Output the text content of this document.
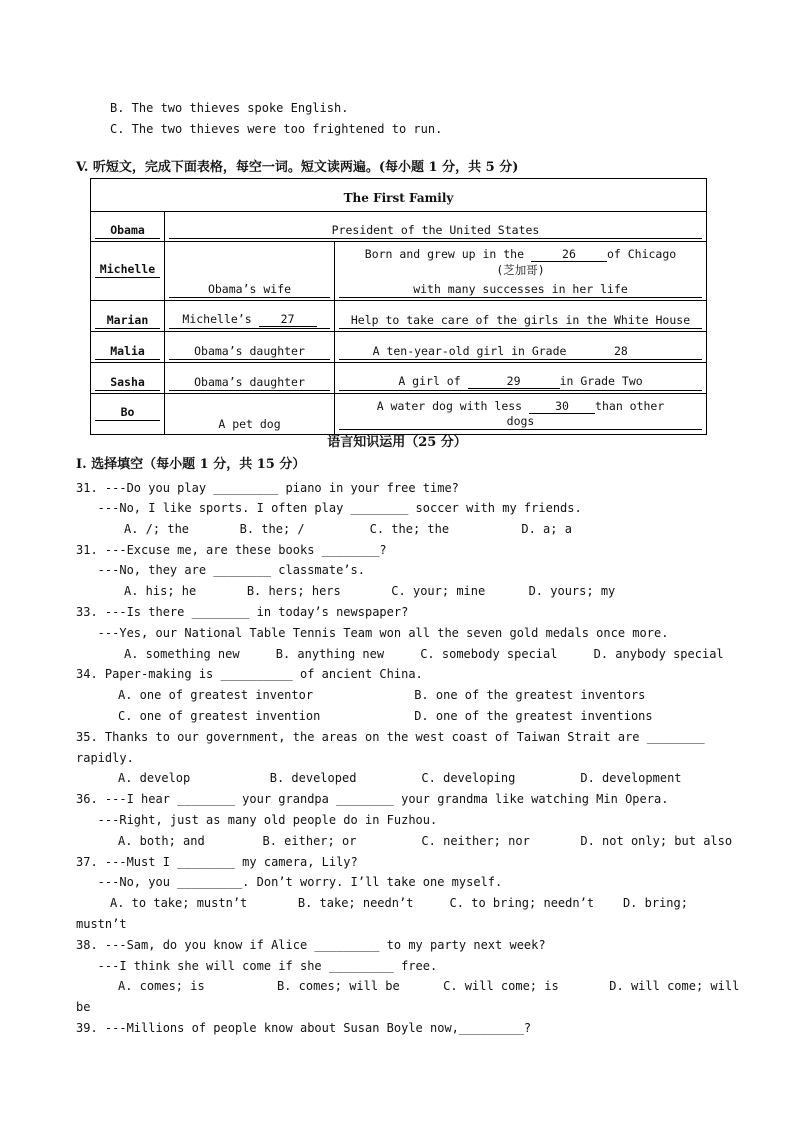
B. The two thieves spoke English.
C. The two thieves were too frightened to run.
V. 听短文，完成下面表格，每空一词。短文读两遍。(每小题 1 分，共 5 分)
The First Family		

Obama	President of the United States	

Michelle	Obama’s wife	Born and grew up in the 26 of Chicago
(芝加哥)
with many successes in her life

Marian	Michelle’s 27	Help to take care of the girls in the White House

Malia	Obama’s daughter	A ten-year-old girl in Grade 28

Sasha	Obama’s daughter	A girl of 29 in Grade Two

Bo	A pet dog	A water dog with less 30 than other
dogs
语言知识运用（25 分）
I. 选择填空（每小题 1 分，共 15 分）
31. ---Do you play _________ piano in your free time?
---No, I like sports. I often play ________ soccer with my friends.
A. /; the       B. the; /         C. the; the          D. a; a
31. ---Excuse me, are these books ________?
---No, they are ________ classmate’s.
A. his; he       B. hers; hers       C. your; mine      D. yours; my
33. ---Is there ________ in today’s newspaper?
---Yes, our National Table Tennis Team won all the seven gold medals once more.
A. something new     B. anything new     C. somebody special     D. anybody special
34. Paper-making is __________ of ancient China.
A. one of greatest inventor              B. one of the greatest inventors
C. one of greatest invention             D. one of the greatest inventions
35. Thanks to our government, the areas on the west coast of Taiwan Strait are ________
rapidly.
A. develop           B. developed         C. developing         D. development
36. ---I hear ________ your grandpa ________ your grandma like watching Min Opera.
---Right, just as many old people do in Fuzhou.
A. both; and        B. either; or         C. neither; nor       D. not only; but also
37. ---Must I ________ my camera, Lily?
---No, you _________. Don’t worry. I’ll take one myself.
A. to take; mustn’t       B. take; needn’t     C. to bring; needn’t    D. bring;
mustn’t
38. ---Sam, do you know if Alice _________ to my party next week?
---I think she will come if she _________ free.
A. comes; is          B. comes; will be      C. will come; is       D. will come; will
be
39. ---Millions of people know about Susan Boyle now,_________?
